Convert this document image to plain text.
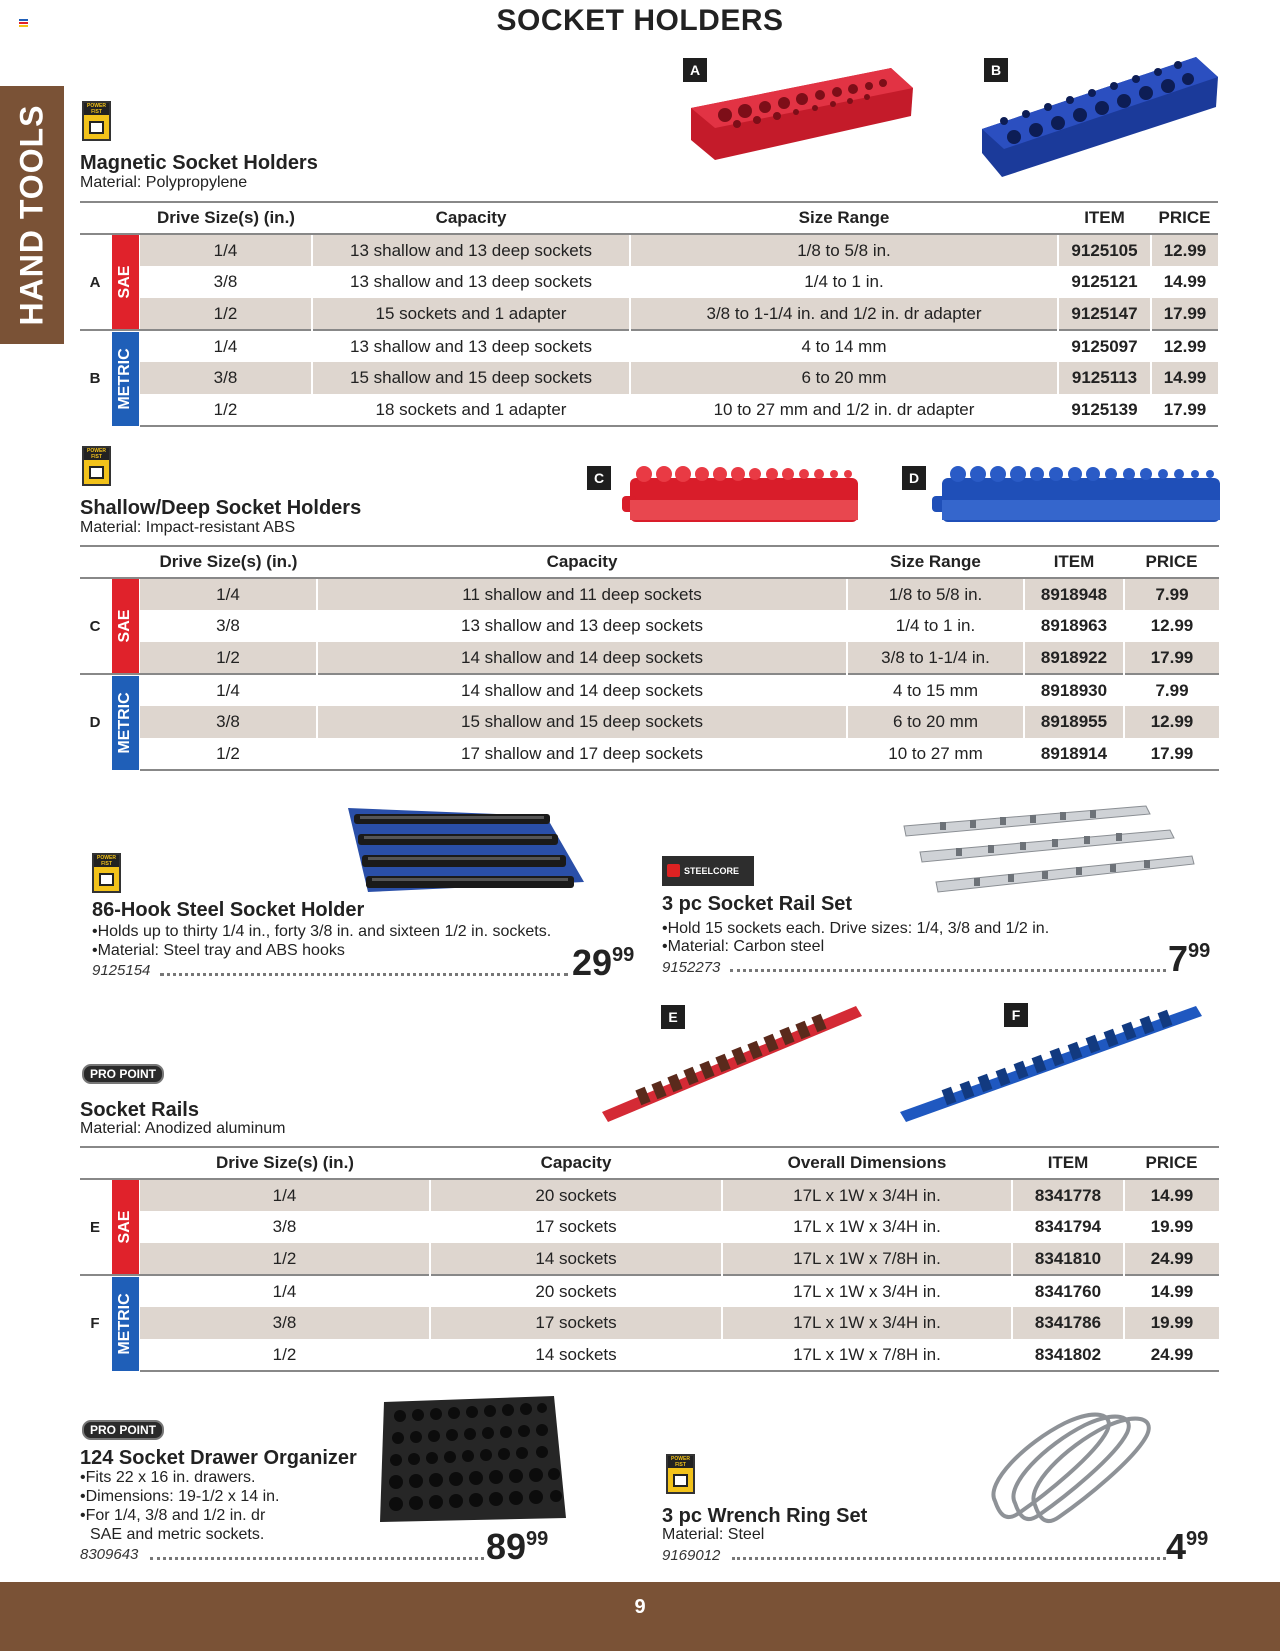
SOCKET HOLDERS
HAND TOOLS	POWER FIST
Magnetic Socket Holders
Material: Polypropylene
A	B
		Drive Size(s) (in.)	Capacity	Size Range	ITEM	PRICE
A	SAE	1/4	13 shallow and 13 deep sockets	1/8 to 5/8 in.	9125105	12.99
		3/8	13 shallow and 13 deep sockets	1/4 to 1 in.	9125121	14.99
		1/2	15 sockets and 1 adapter	3/8 to 1-1/4 in. and 1/2 in. dr adapter	9125147	17.99
B	METRIC	1/4	13 shallow and 13 deep sockets	4 to 14 mm	9125097	12.99
		3/8	15 shallow and 15 deep sockets	6 to 20 mm	9125113	14.99
		1/2	18 sockets and 1 adapter	10 to 27 mm and 1/2 in. dr adapter	9125139	17.99
POWER FIST
Shallow/Deep Socket Holders
Material: Impact-resistant ABS
C	D
		Drive Size(s) (in.)	Capacity	Size Range	ITEM	PRICE
C	SAE	1/4	11 shallow and 11 deep sockets	1/8 to 5/8 in.	8918948	7.99
		3/8	13 shallow and 13 deep sockets	1/4 to 1 in.	8918963	12.99
		1/2	14 shallow and 14 deep sockets	3/8 to 1-1/4 in.	8918922	17.99
D	METRIC	1/4	14 shallow and 14 deep sockets	4 to 15 mm	8918930	7.99
		3/8	15 shallow and 15 deep sockets	6 to 20 mm	8918955	12.99
		1/2	17 shallow and 17 deep sockets	10 to 27 mm	8918914	17.99
POWER FIST
86-Hook Steel Socket Holder
•Holds up to thirty 1/4 in., forty 3/8 in. and sixteen 1/2 in. sockets.
•Material: Steel tray and ABS hooks
9125154	$29^{99}$
STEELCORE
3 pc Socket Rail Set
•Hold 15 sockets each. Drive sizes: 1/4, 3/8 and 1/2 in.
•Material: Carbon steel
9152273	$7^{99}$
PRO POINT
Socket Rails
Material: Anodized aluminum
E	F
		Drive Size(s) (in.)	Capacity	Overall Dimensions	ITEM	PRICE
E	SAE	1/4	20 sockets	17L x 1W x 3/4H in.	8341778	14.99
		3/8	17 sockets	17L x 1W x 3/4H in.	8341794	19.99
		1/2	14 sockets	17L x 1W x 7/8H in.	8341810	24.99
F	METRIC	1/4	20 sockets	17L x 1W x 3/4H in.	8341760	14.99
		3/8	17 sockets	17L x 1W x 3/4H in.	8341786	19.99
		1/2	14 sockets	17L x 1W x 7/8H in.	8341802	24.99
PRO POINT
124 Socket Drawer Organizer
•Fits 22 x 16 in. drawers.
•Dimensions: 19-1/2 x 14 in.
•For 1/4, 3/8 and 1/2 in. dr
SAE and metric sockets.
8309643	$89^{99}$
POWER FIST
3 pc Wrench Ring Set
Material: Steel
9169012	$4^{99}$
9
